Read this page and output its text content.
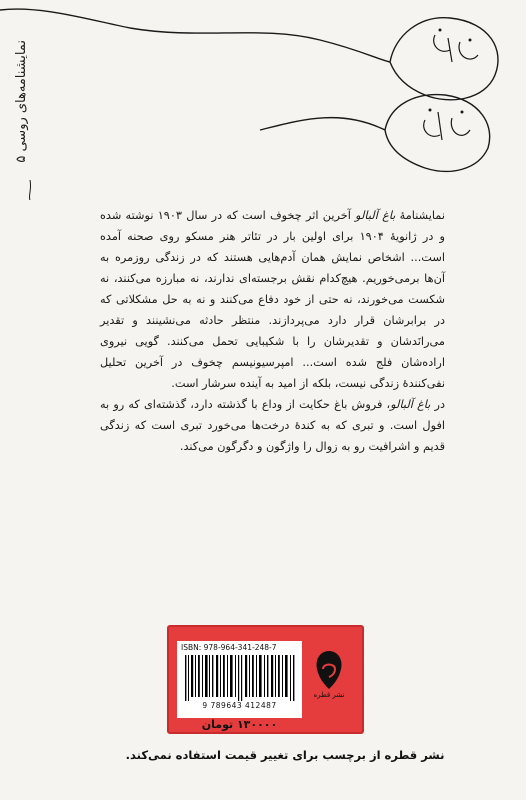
نمایشنامه‌های روسی ۵

نمایشنامهٔ باغ آلبالو آخرین اثر چخوف است که در سال ۱۹۰۳ نوشته شده و در ژانویهٔ ۱۹۰۴ برای اولین بار در تئاتر هنر مسکو روی صحنه آمده است... اشخاص نمایش همان آدم‌هایی هستند که در زندگی روزمره به آن‌ها برمی‌خوریم. هیچ‌کدام نقش برجسته‌ای ندارند، نه مبارزه می‌کنند، نه شکست می‌خورند، نه حتی از خود دفاع می‌کنند و نه به حل مشکلاتی که در برابرشان قرار دارد می‌پردازند. منتظر حادثه می‌نشینند و تقدیر می‌رانَدشان و تقدیرشان را با شکیبایی تحمل می‌کنند. گویی نیروی اراده‌شان فلج شده است... امپرسیونیسم چخوف در آخرین تحلیل نفی‌کنندهٔ زندگی نیست، بلکه از امید به آینده سرشار است.

در باغ آلبالو، فروش باغ حکایت از وداع با گذشته دارد، گذشته‌ای که رو به افول است. و تبری که به کندهٔ درخت‌ها می‌خورد تبری است که زندگی قدیم و اشرافیت رو به زوال را واژگون و دگرگون می‌کند.

ISBN: 978-964-341-248-7
9 789643 412487
نشر قطره
۱۳۰۰۰۰ تومان
نشر قطره از برچسب برای تغییر قیمت استفاده نمی‌کند.
